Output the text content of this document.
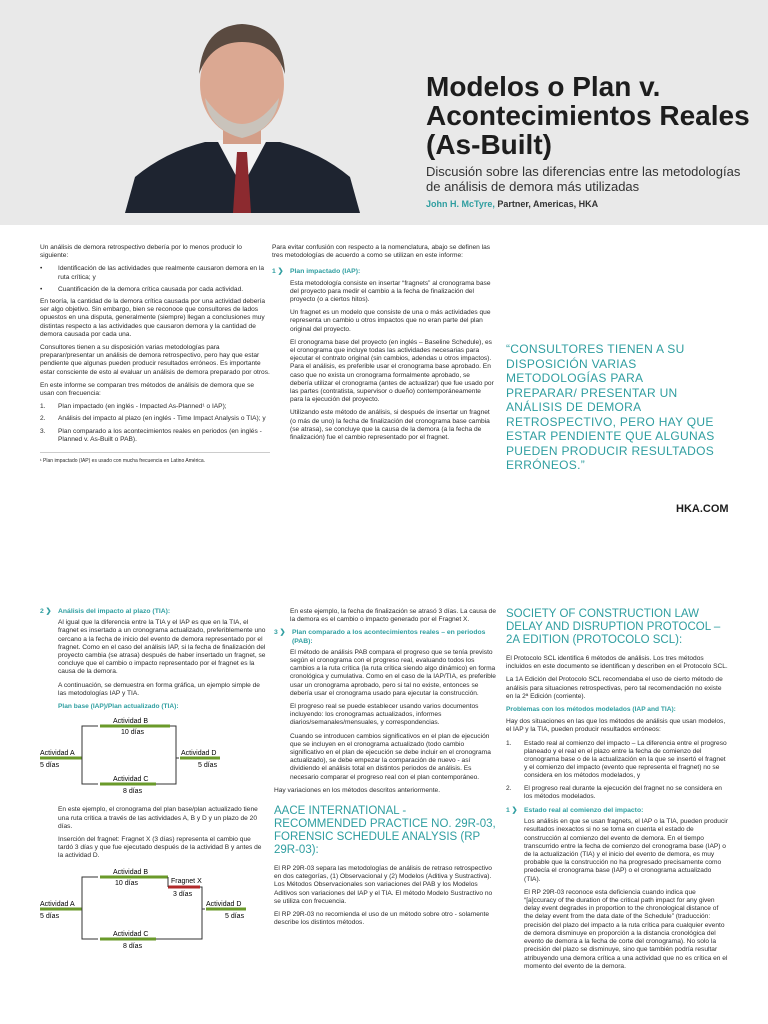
Modelos o Plan v. Acontecimientos Reales (As-Built)
Discusión sobre las diferencias entre las metodologías de análisis de demora más utilizadas
John H. McTyre, Partner, Americas, HKA

Un análisis de demora retrospectivo debería por lo menos producir lo siguiente:

•	Identificación de las actividades que realmente causaron demora en la ruta crítica; y
•	Cuantificación de la demora crítica causada por cada actividad.

En teoría, la cantidad de la demora crítica causada por una actividad debería ser algo objetivo. Sin embargo, bien se reconoce que consultores de lados opuestos en una disputa, generalmente (siempre) llegan a conclusiones muy distintas respecto a las actividades que causaron demora y la cantidad de demora causada por cada una.

Consultores tienen a su disposición varias metodologías para preparar/presentar un análisis de demora retrospectivo, pero hay que estar pendiente que algunas pueden producir resultados erróneos. Es importante estar consciente de esto al evaluar un análisis de demora preparado por otros.

En este informe se comparan tres métodos de análisis de demora que se usan con frecuencia:

1.	Plan impactado (en inglés - Impacted As-Planned¹ o IAP);
2.	Análisis del impacto al plazo (en inglés - Time Impact Analysis o TIA); y
3.	Plan comparado a los acontecimientos reales en periodos (en inglés - Planned v. As-Built o PAB).
¹ Plan impactado (IAP) es usado con mucha frecuencia en Latino América.

Para evitar confusión con respecto a la nomenclatura, abajo se definen las tres metodologías de acuerdo a como se utilizan en este informe:

1 ❯ Plan impactado (IAP):

Esta metodología consiste en insertar “fragnets” al cronograma base del proyecto para medir el cambio a la fecha de finalización del proyecto (o a ciertos hitos).

Un fragnet es un modelo que consiste de una o más actividades que representa un cambio u otros impactos que no eran parte del plan original del proyecto.

El cronograma base del proyecto (en inglés – Baseline Schedule), es el cronograma que incluye todas las actividades necesarias para ejecutar el contrato original (sin cambios, adendas u otros impactos). Para el análisis, es preferible usar el cronograma base aprobado. En caso que no exista un cronograma formalmente aprobado, se debería utilizar el cronograma (antes de actualizar) que fue usado por las partes (contratista, supervisor o dueño) contemporáneamente para la ejecución del proyecto.

Utilizando este método de análisis, si después de insertar un fragnet (o más de uno) la fecha de finalización del cronograma base cambia (se atrasa), se concluye que la causa de la demora (a la fecha de finalización) fue el cambio representado por el fragnet.

“CONSULTORES TIENEN A SU DISPOSICIÓN VARIAS METODOLOGÍAS PARA PREPARAR/ PRESENTAR UN ANÁLISIS DE DEMORA RETROSPECTIVO, PERO HAY QUE ESTAR PENDIENTE QUE ALGUNAS PUEDEN PRODUCIR RESULTADOS ERRÓNEOS.”
HKA.COM
2 ❯ Análisis del impacto al plazo (TIA):

Al igual que la diferencia entre la TIA y el IAP es que en la TIA, el fragnet es insertado a un cronograma actualizado, preferiblemente uno cercano a la fecha de inicio del evento de demora representado por el fragnet. Como en el caso del análisis IAP, si la fecha de finalización del proyecto cambia (se atrasa) después de haber insertado un fragnet, se concluye que el cambio o impacto representado por el fragnet es la causa de la demora.

A continuación, se demuestra en forma gráfica, un ejemplo simple de las metodologías IAP y TIA.

Plan base (IAP)/Plan actualizado (TIA):
Actividad B
10 días
Actividad A
5 días
Actividad D
5 días
Actividad C
8 días

En este ejemplo, el cronograma del plan base/plan actualizado tiene una ruta crítica a través de las actividades A, B y D y un plazo de 20 días.

Inserción del fragnet: Fragnet X (3 días) representa el cambio que tardó 3 días y que fue ejecutado después de la actividad B y antes de la actividad D.

Actividad B
10 días	Fragnet X
3 días
Actividad A
5 días
Actividad D
5 días
Actividad C
8 días

En este ejemplo, la fecha de finalización se atrasó 3 días. La causa de la demora es el cambio o impacto generado por el Fragnet X.

3 ❯ Plan comparado a los acontecimientos reales – en periodos (PAB):

El método de análisis PAB compara el progreso que se tenía previsto según el cronograma con el progreso real, evaluando todos los cambios a la ruta crítica (la ruta crítica siendo algo dinámico) en forma cronológica y cumulativa. Como en el caso de la IAP/TIA, es preferible usar un cronograma aprobado, pero si tal no existe, entonces se debería usar el cronograma usado para ejecutar la construcción.

El progreso real se puede establecer usando varios documentos incluyendo: los cronogramas actualizados, informes diarios/semanales/mensuales, y correspondencias.

Cuando se introducen cambios significativos en el plan de ejecución que se incluyen en el cronograma actualizado (todo cambio significativo en el plan de ejecución se debe incluir en el cronograma actualizado), se debe empezar la comparación de nuevo - así dividiendo el análisis total en distintos periodos de análisis. Es necesario comparar el progreso real con el plan contemporáneo.

Hay variaciones en los métodos descritos anteriormente.

AACE INTERNATIONAL - RECOMMENDED PRACTICE NO. 29R-03, FORENSIC SCHEDULE ANALYSIS (RP 29R-03):

El RP 29R-03 separa las metodologías de análisis de retraso retrospectivo en dos categorías, (1) Observacional y (2) Modelos (Aditiva y Sustractiva). Los Métodos Observacionales son variaciones del PAB y los Modelos Aditivos son variaciones del IAP y el TIA. El método Modelo Sustractivo no se utiliza con frecuencia.

El RP 29R-03 no recomienda el uso de un método sobre otro - solamente describe los distintos métodos.

SOCIETY OF CONSTRUCTION LAW DELAY AND DISRUPTION PROTOCOL – 2A EDITION (PROTOCOLO SCL):

El Protocolo SCL identifica 6 métodos de análisis. Los tres métodos incluidos en este documento se identifican y describen en el Protocolo SCL.

La 1A Edición del Protocolo SCL recomendaba el uso de cierto método de análisis para situaciones retrospectivas, pero tal recomendación no existe en la 2ª Edición (corriente).

Problemas con los métodos modelados (IAP and TIA):

Hay dos situaciones en las que los métodos de análisis que usan modelos, el IAP y la TIA, pueden producir resultados erróneos:

1.	Estado real al comienzo del impacto – La diferencia entre el progreso planeado y el real en el plazo entre la fecha de comienzo del cronograma base o de la actualización en la que se insertó el fragnet y el comienzo del impacto (evento que representa el fragnet) no se considera en los métodos modelados, y
2.	El progreso real durante la ejecución del fragnet no se considera en los métodos modelados.
1 ❯ Estado real al comienzo del impacto:

Los análisis en que se usan fragnets, el IAP o la TIA, pueden producir resultados inexactos si no se toma en cuenta el estado de construcción al comienzo del evento de demora. En el tiempo transcurrido entre la fecha de comienzo del cronograma base (IAP) o de la actualización (TIA) y el inicio del evento de demora, es muy probable que la construcción no ha progresado precisamente como predecía el cronograma base (IAP) o el cronograma actualizado (TIA).

El RP 29R-03 reconoce esta deficiencia cuando indica que “[a]ccuracy of the duration of the critical path impact for any given delay event degrades in proportion to the chronological distance of the delay event from the data date of the Schedule” (traducción: precisión del plazo del impacto a la ruta crítica para cualquier evento de demora disminuye en proporción a la distancia cronológica del evento de demora a la fecha de corte del cronograma). No solo la precisión del plazo se disminuye, sino que también podría resultar atribuyendo una demora crítica a una actividad que no es crítica en el momento del evento de la demora.
